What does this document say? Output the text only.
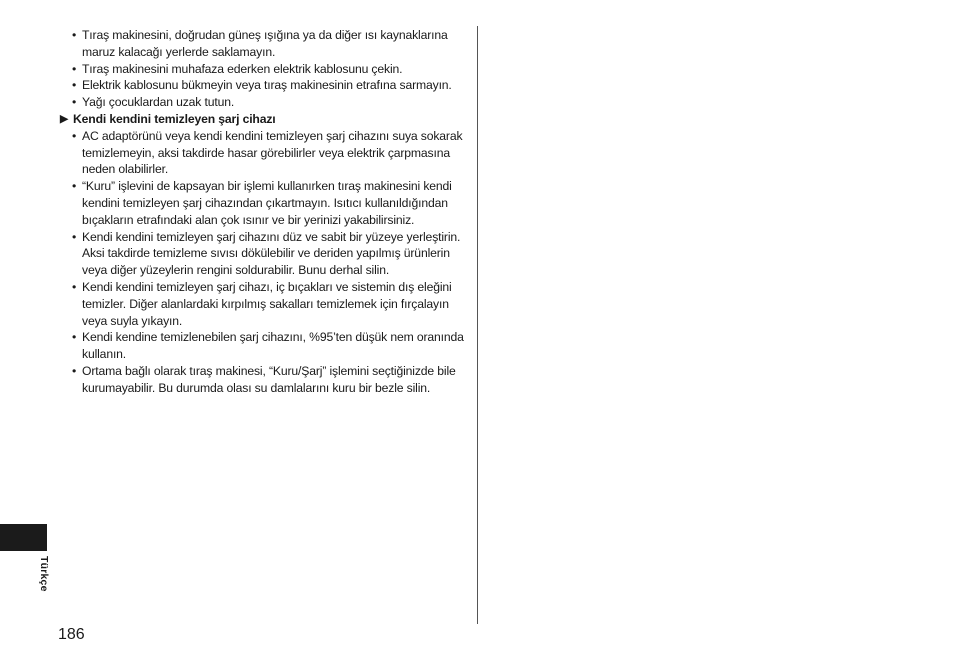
• Tıraş makinesini, doğrudan güneş ışığına ya da diğer ısı kaynaklarına maruz kalacağı yerlerde saklamayın.
• Tıraş makinesini muhafaza ederken elektrik kablosunu çekin.
• Elektrik kablosunu bükmeyin veya tıraş makinesinin etrafına sarmayın.
• Yağı çocuklardan uzak tutun.
▶ Kendi kendini temizleyen şarj cihazı
• AC adaptörünü veya kendi kendini temizleyen şarj cihazını suya sokarak temizlemeyin, aksi takdirde hasar görebilirler veya elektrik çarpmasına neden olabilirler.
• “Kuru” işlevini de kapsayan bir işlemi kullanırken tıraş makinesini kendi kendini temizleyen şarj cihazından çıkartmayın. Isıtıcı kullanıldığından bıçakların etrafındaki alan çok ısınır ve bir yerinizi yakabilirsiniz.
• Kendi kendini temizleyen şarj cihazını düz ve sabit bir yüzeye yerleştirin. Aksi takdirde temizleme sıvısı dökülebilir ve deriden yapılmış ürünlerin veya diğer yüzeylerin rengini soldurabilir. Bunu derhal silin.
• Kendi kendini temizleyen şarj cihazı, iç bıçakları ve sistemin dış eleğini temizler. Diğer alanlardaki kırpılmış sakalları temizlemek için fırçalayın veya suyla yıkayın.
• Kendi kendine temizlenebilen şarj cihazını, %95’ten düşük nem oranında kullanın.
• Ortama bağlı olarak tıraş makinesi, “Kuru/Şarj” işlemini seçtiğinizde bile kurumayabilir. Bu durumda olası su damlalarını kuru bir bezle silin.
Türkçe
186
